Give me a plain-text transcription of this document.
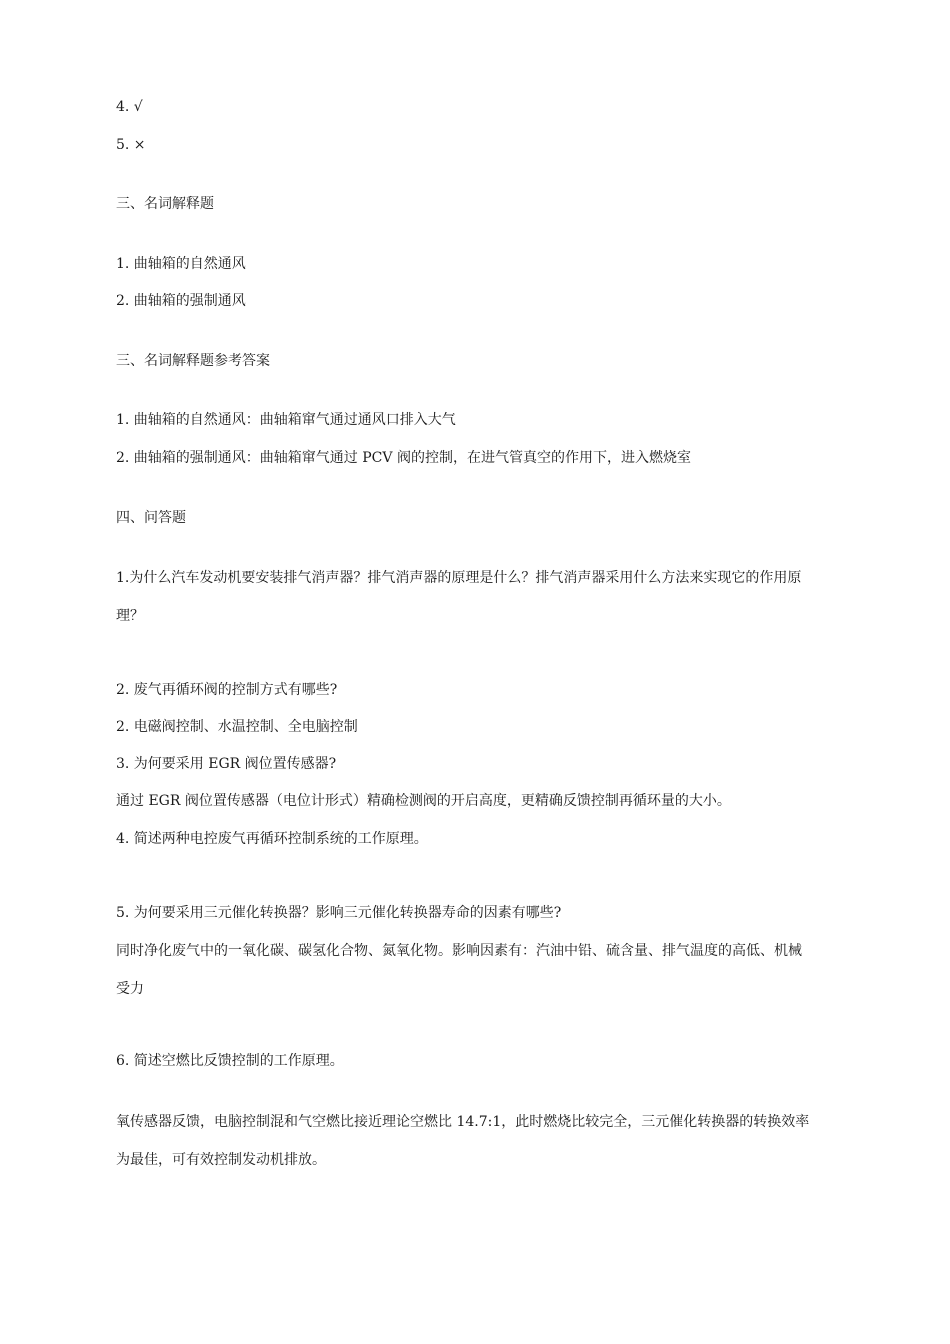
4. √
5. ×
三、名词解释题
1. 曲轴箱的自然通风
2. 曲轴箱的强制通风
三、名词解释题参考答案
1. 曲轴箱的自然通风：曲轴箱窜气通过通风口排入大气
2. 曲轴箱的强制通风：曲轴箱窜气通过 PCV 阀的控制，在进气管真空的作用下，进入燃烧室
四、问答题
1.为什么汽车发动机要安装排气消声器？排气消声器的原理是什么？排气消声器采用什么方法来实现它的作用原理？
2. 废气再循环阀的控制方式有哪些?
2. 电磁阀控制、水温控制、全电脑控制
3. 为何要采用 EGR 阀位置传感器?
通过 EGR 阀位置传感器（电位计形式）精确检测阀的开启高度，更精确反馈控制再循环量的大小。
4. 简述两种电控废气再循环控制系统的工作原理。
5. 为何要采用三元催化转换器？影响三元催化转换器寿命的因素有哪些?
同时净化废气中的一氧化碳、碳氢化合物、氮氧化物。影响因素有：汽油中铅、硫含量、排气温度的高低、机械受力
6. 简述空燃比反馈控制的工作原理。
氧传感器反馈，电脑控制混和气空燃比接近理论空燃比 14.7:1，此时燃烧比较完全，三元催化转换器的转换效率为最佳，可有效控制发动机排放。
